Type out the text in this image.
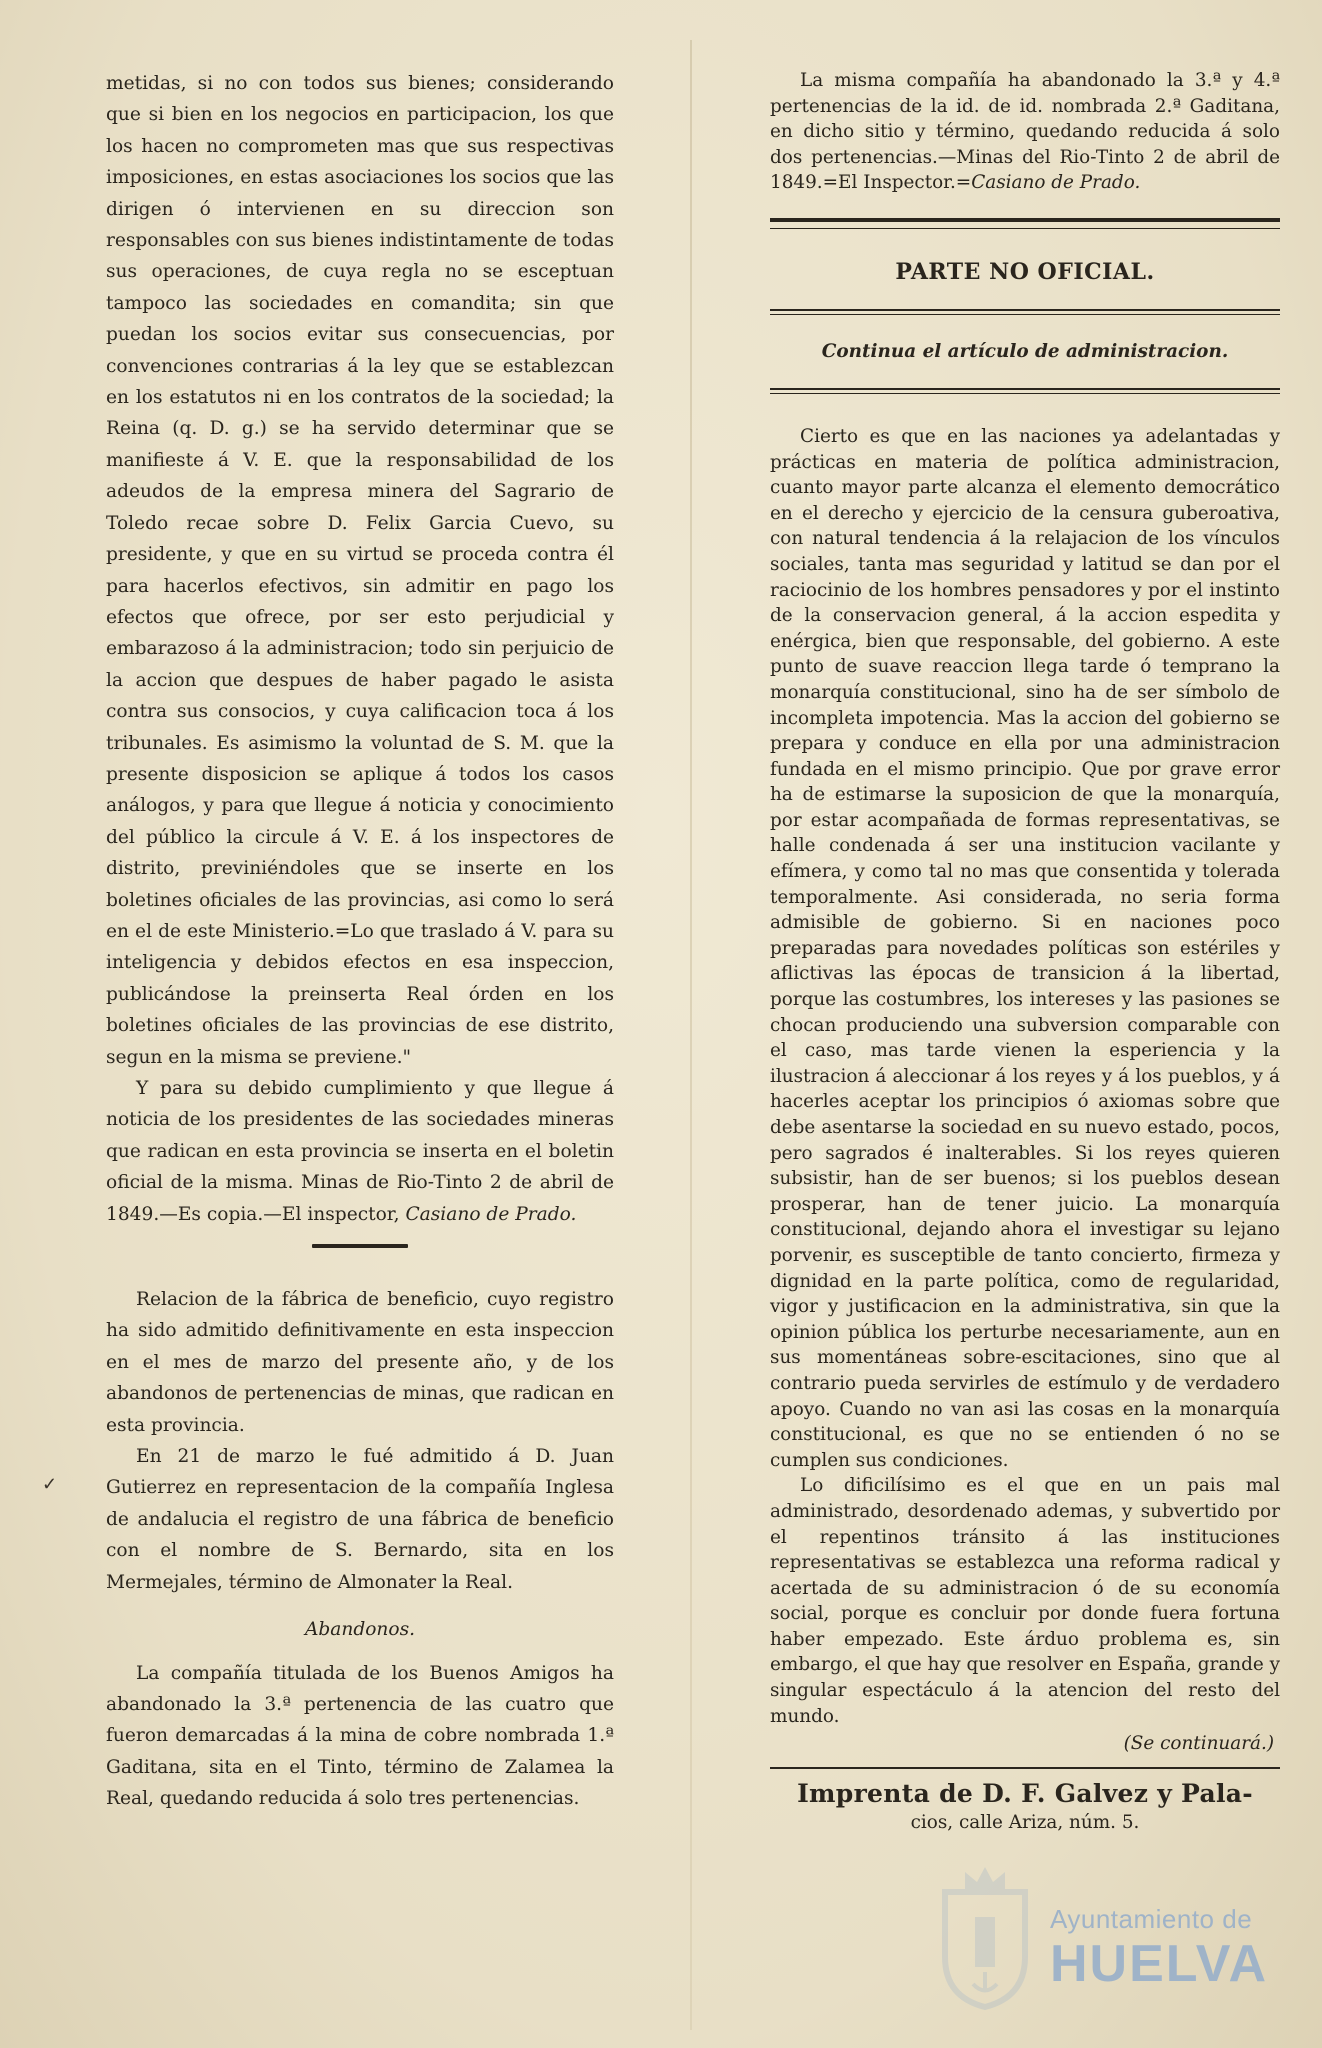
✓

metidas, si no con todos sus bienes; considerando que si bien en los negocios en participacion, los que los hacen no comprometen mas que sus respectivas imposiciones, en estas asociaciones los socios que las dirigen ó intervienen en su direccion son responsables con sus bienes indistintamente de todas sus operaciones, de cuya regla no se esceptuan tampoco las sociedades en comandita; sin que puedan los socios evitar sus consecuencias, por convenciones contrarias á la ley que se establezcan en los estatutos ni en los contratos de la sociedad; la Reina (q. D. g.) se ha servido determinar que se manifieste á V. E. que la responsabilidad de los adeudos de la empresa minera del Sagrario de Toledo recae sobre D. Felix Garcia Cuevo, su presidente, y que en su virtud se proceda contra él para hacerlos efectivos, sin admitir en pago los efectos que ofrece, por ser esto perjudicial y embarazoso á la administracion; todo sin perjuicio de la accion que despues de haber pagado le asista contra sus consocios, y cuya calificacion toca á los tribunales. Es asimismo la voluntad de S. M. que la presente disposicion se aplique á todos los casos análogos, y para que llegue á noticia y conocimiento del público la circule á V. E. á los inspectores de distrito, previniéndoles que se inserte en los boletines oficiales de las provincias, asi como lo será en el de este Ministerio.=Lo que traslado á V. para su inteligencia y debidos efectos en esa inspeccion, publicándose la preinserta Real órden en los boletines oficiales de las provincias de ese distrito, segun en la misma se previene."

Y para su debido cumplimiento y que llegue á noticia de los presidentes de las sociedades mineras que radican en esta provincia se inserta en el boletin oficial de la misma. Minas de Rio-Tinto 2 de abril de 1849.—Es copia.—El inspector, Casiano de Prado.

Relacion de la fábrica de beneficio, cuyo registro ha sido admitido definitivamente en esta inspeccion en el mes de marzo del presente año, y de los abandonos de pertenencias de minas, que radican en esta provincia.

En 21 de marzo le fué admitido á D. Juan Gutierrez en representacion de la compañía Inglesa de andalucia el registro de una fábrica de beneficio con el nombre de S. Bernardo, sita en los Mermejales, término de Almonater la Real.

Abandonos.

La compañía titulada de los Buenos Amigos ha abandonado la 3.ª pertenencia de las cuatro que fueron demarcadas á la mina de cobre nombrada 1.ª Gaditana, sita en el Tinto, término de Zalamea la Real, quedando reducida á solo tres pertenencias.

La misma compañía ha abandonado la 3.ª y 4.ª pertenencias de la id. de id. nombrada 2.ª Gaditana, en dicho sitio y término, quedando reducida á solo dos pertenencias.—Minas del Rio-Tinto 2 de abril de 1849.=El Inspector.=Casiano de Prado.

PARTE NO OFICIAL.
Continua el artículo de administracion.

Cierto es que en las naciones ya adelantadas y prácticas en materia de política administracion, cuanto mayor parte alcanza el elemento democrático en el derecho y ejercicio de la censura guberoativa, con natural tendencia á la relajacion de los vínculos sociales, tanta mas seguridad y latitud se dan por el raciocinio de los hombres pensadores y por el instinto de la conservacion general, á la accion espedita y enérgica, bien que responsable, del gobierno. A este punto de suave reaccion llega tarde ó temprano la monarquía constitucional, sino ha de ser símbolo de incompleta impotencia. Mas la accion del gobierno se prepara y conduce en ella por una administracion fundada en el mismo principio. Que por grave error ha de estimarse la suposicion de que la monarquía, por estar acompañada de formas representativas, se halle condenada á ser una institucion vacilante y efímera, y como tal no mas que consentida y tolerada temporalmente. Asi considerada, no seria forma admisible de gobierno. Si en naciones poco preparadas para novedades políticas son estériles y aflictivas las épocas de transicion á la libertad, porque las costumbres, los intereses y las pasiones se chocan produciendo una subversion comparable con el caso, mas tarde vienen la esperiencia y la ilustracion á aleccionar á los reyes y á los pueblos, y á hacerles aceptar los principios ó axiomas sobre que debe asentarse la sociedad en su nuevo estado, pocos, pero sagrados é inalterables. Si los reyes quieren subsistir, han de ser buenos; si los pueblos desean prosperar, han de tener juicio. La monarquía constitucional, dejando ahora el investigar su lejano porvenir, es susceptible de tanto concierto, firmeza y dignidad en la parte política, como de regularidad, vigor y justificacion en la administrativa, sin que la opinion pública los perturbe necesariamente, aun en sus momentáneas sobre-escitaciones, sino que al contrario pueda servirles de estímulo y de verdadero apoyo. Cuando no van asi las cosas en la monarquía constitucional, es que no se entienden ó no se cumplen sus condiciones.

Lo dificilísimo es el que en un pais mal administrado, desordenado ademas, y subvertido por el repentinos tránsito á las instituciones representativas se establezca una reforma radical y acertada de su administracion ó de su economía social, porque es concluir por donde fuera fortuna haber empezado. Este árduo problema es, sin embargo, el que hay que resolver en España, grande y singular espectáculo á la atencion del resto del mundo.

(Se continuará.)
Imprenta de D. F. Galvez y Pala-
cios, calle Ariza, núm. 5.
Ayuntamiento de
HUELVA
